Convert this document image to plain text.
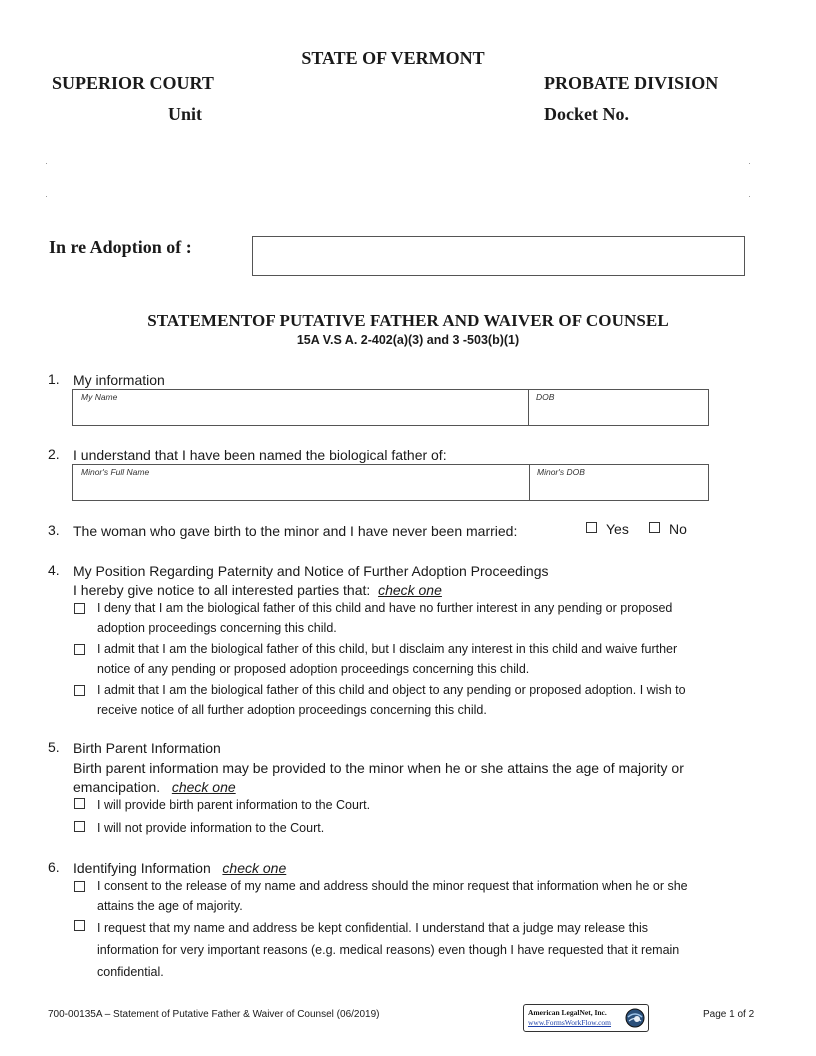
STATE OF VERMONT
SUPERIOR COURT
Unit
PROBATE DIVISION
Docket No.
In re Adoption of :
STATEMENTOF PUTATIVE FATHER AND WAIVER OF COUNSEL
15A V.S A. 2-402(a)(3) and 3 -503(b)(1)
1. My information
My Name	DOB
2. I understand that I have been named the biological father of:
Minor's Full Name	Minor's DOB
3. The woman who gave birth to the minor and I have never been married:	Yes	No
4. My Position Regarding Paternity and Notice of Further Adoption Proceedings
I hereby give notice to all interested parties that: check one
I deny that I am the biological father of this child and have no further interest in any pending or proposed
adoption proceedings concerning this child.
I admit that I am the biological father of this child, but I disclaim any interest in this child and waive further
notice of any pending or proposed adoption proceedings concerning this child.
I admit that I am the biological father of this child and object to any pending or proposed adoption. I wish to
receive notice of all further adoption proceedings concerning this child.
5. Birth Parent Information
Birth parent information may be provided to the minor when he or she attains the age of majority or
emancipation. check one
I will provide birth parent information to the Court.
I will not provide information to the Court.
6. Identifying Information check one
I consent to the release of my name and address should the minor request that information when he or she
attains the age of majority.
I request that my name and address be kept confidential. I understand that a judge may release this
information for very important reasons (e.g. medical reasons) even though I have requested that it remain
confidential.
700-00135A – Statement of Putative Father & Waiver of Counsel (06/2019)	American LegalNet, Inc.
www.FormsWorkFlow.com
Page 1 of 2
